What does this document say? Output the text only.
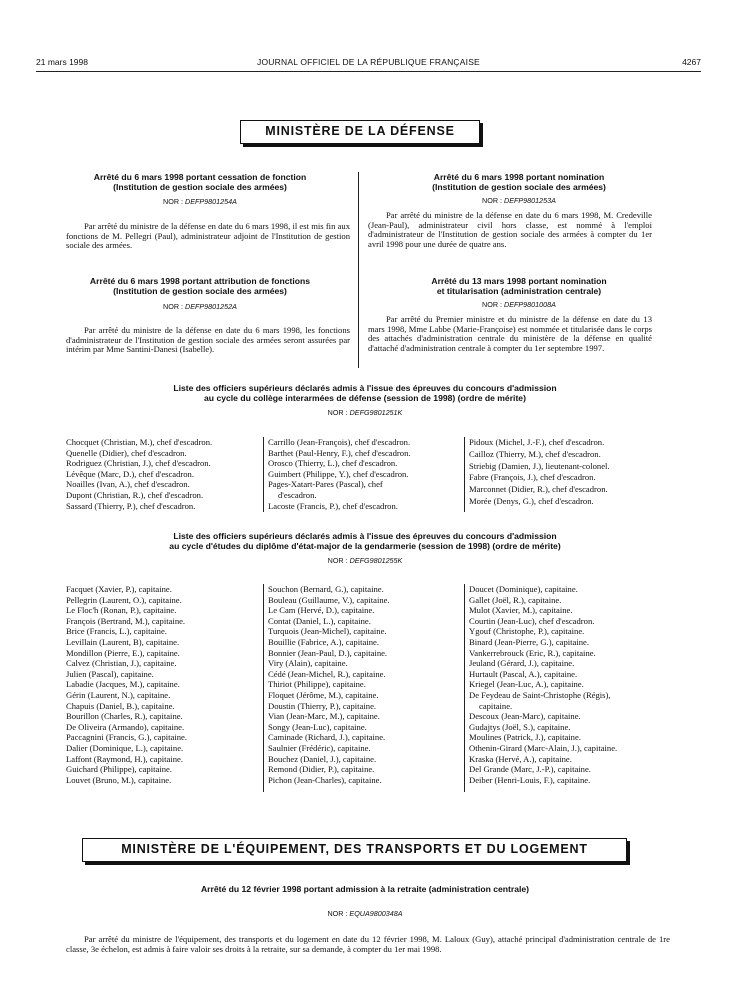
21 mars 1998	JOURNAL OFFICIEL DE LA RÉPUBLIQUE FRANÇAISE	4267
MINISTÈRE DE LA DÉFENSE
Arrêté du 6 mars 1998 portant cessation de fonction
(Institution de gestion sociale des armées)
NOR : DEFP9801254A
Par arrêté du ministre de la défense en date du 6 mars 1998, il est mis fin aux fonctions de M. Pellegri (Paul), administrateur adjoint de l'Institution de gestion sociale des armées.
Arrêté du 6 mars 1998 portant attribution de fonctions
(Institution de gestion sociale des armées)
NOR : DEFP9801252A
Par arrêté du ministre de la défense en date du 6 mars 1998, les fonctions d'administrateur de l'Institution de gestion sociale des armées seront assurées par intérim par Mme Santini-Danesi (Isabelle).
Arrêté du 6 mars 1998 portant nomination
(Institution de gestion sociale des armées)
NOR : DEFP9801253A
Par arrêté du ministre de la défense en date du 6 mars 1998, M. Credeville (Jean-Paul), administrateur civil hors classe, est nommé à l'emploi d'administrateur de l'Institution de gestion sociale des armées à compter du 1er avril 1998 pour une durée de quatre ans.
Arrêté du 13 mars 1998 portant nomination
et titularisation (administration centrale)
NOR : DEFP9801008A
Par arrêté du Premier ministre et du ministre de la défense en date du 13 mars 1998, Mme Labbe (Marie-Françoise) est nommée et titularisée dans le corps des attachés d'administration centrale du ministère de la défense en qualité d'attaché d'administration centrale à compter du 1er septembre 1997.
Liste des officiers supérieurs déclarés admis à l'issue des épreuves du concours d'admission
au cycle du collège interarmées de défense (session de 1998) (ordre de mérite)
NOR : DEFG9801251K
Chocquet (Christian, M.), chef d'escadron.
Quenelle (Didier), chef d'escadron.
Rodriguez (Christian, J.), chef d'escadron.
Lévêque (Marc, D.), chef d'escadron.
Noailles (Ivan, A.), chef d'escadron.
Dupont (Christian, R.), chef d'escadron.
Sassard (Thierry, P.), chef d'escadron.
Carrillo (Jean-François), chef d'escadron.
Barthet (Paul-Henry, F.), chef d'escadron.
Orosco (Thierry, L.), chef d'escadron.
Guimbert (Philippe, Y.), chef d'escadron.
Pages-Xatart-Pares (Pascal), chef
d'escadron.
Lacoste (Francis, P.), chef d'escadron.
Pidoux (Michel, J.-F.), chef d'escadron.
Cailloz (Thierry, M.), chef d'escadron.
Striebig (Damien, J.), lieutenant-colonel.
Fabre (François, J.), chef d'escadron.
Marconnet (Didier, R.), chef d'escadron.
Morée (Denys, G.), chef d'escadron.
Liste des officiers supérieurs déclarés admis à l'issue des épreuves du concours d'admission
au cycle d'études du diplôme d'état-major de la gendarmerie (session de 1998) (ordre de mérite)
NOR : DEFG9801255K
Facquet (Xavier, P.), capitaine.
Pellegrin (Laurent, O.), capitaine.
Le Floc'h (Ronan, P.), capitaine.
François (Bertrand, M.), capitaine.
Brice (Francis, L.), capitaine.
Levillain (Laurent, B), capitaine.
Mondillon (Pierre, E.), capitaine.
Calvez (Christian, J.), capitaine.
Julien (Pascal), capitaine.
Labadie (Jacques, M.), capitaine.
Gérin (Laurent, N.), capitaine.
Chapuis (Daniel, B.), capitaine.
Bourillon (Charles, R.), capitaine.
De Oliveira (Armando), capitaine.
Paccagnini (Francis, G.), capitaine.
Dalier (Dominique, L.), capitaine.
Laffont (Raymond, H.), capitaine.
Guichard (Philippe), capitaine.
Louvet (Bruno, M.), capitaine.
Souchon (Bernard, G.), capitaine.
Bouleau (Guillaume, V.), capitaine.
Le Cam (Hervé, D.), capitaine.
Contat (Daniel, L.), capitaine.
Turquois (Jean-Michel), capitaine.
Bouillie (Fabrice, A.), capitaine.
Bonnier (Jean-Paul, D.), capitaine.
Viry (Alain), capitaine.
Cédé (Jean-Michel, R.), capitaine.
Thiriot (Philippe), capitaine.
Floquet (Jérôme, M.), capitaine.
Doustin (Thierry, P.), capitaine.
Vian (Jean-Marc, M.), capitaine.
Songy (Jean-Luc), capitaine.
Caminade (Richard, J.), capitaine.
Saulnier (Frédéric), capitaine.
Bouchez (Daniel, J.), capitaine.
Remond (Didier, P.), capitaine.
Pichon (Jean-Charles), capitaine.
Doucet (Dominique), capitaine.
Gallet (Joël, R.), capitaine.
Mulot (Xavier, M.), capitaine.
Courtin (Jean-Luc), chef d'escadron.
Ygouf (Christophe, P.), capitaine.
Binard (Jean-Pierre, G.), capitaine.
Vankerrebrouck (Eric, R.), capitaine.
Jeuland (Gérard, J.), capitaine.
Hurtault (Pascal, A.), capitaine.
Kriegel (Jean-Luc, A.), capitaine.
De Feydeau de Saint-Christophe (Régis),
capitaine.
Descoux (Jean-Marc), capitaine.
Gudajtys (Joël, S.), capitaine.
Moulines (Patrick, J.), capitaine.
Othenin-Girard (Marc-Alain, J.), capitaine.
Kraska (Hervé, A.), capitaine.
Del Grande (Marc, J.-P.), capitaine.
Deiber (Henri-Louis, F.), capitaine.
MINISTÈRE DE L'ÉQUIPEMENT, DES TRANSPORTS ET DU LOGEMENT
Arrêté du 12 février 1998 portant admission à la retraite (administration centrale)
NOR : EQUA9800348A
Par arrêté du ministre de l'équipement, des transports et du logement en date du 12 février 1998, M. Laloux (Guy), attaché principal d'administration centrale de 1re classe, 3e échelon, est admis à faire valoir ses droits à la retraite, sur sa demande, à compter du 1er mai 1998.
